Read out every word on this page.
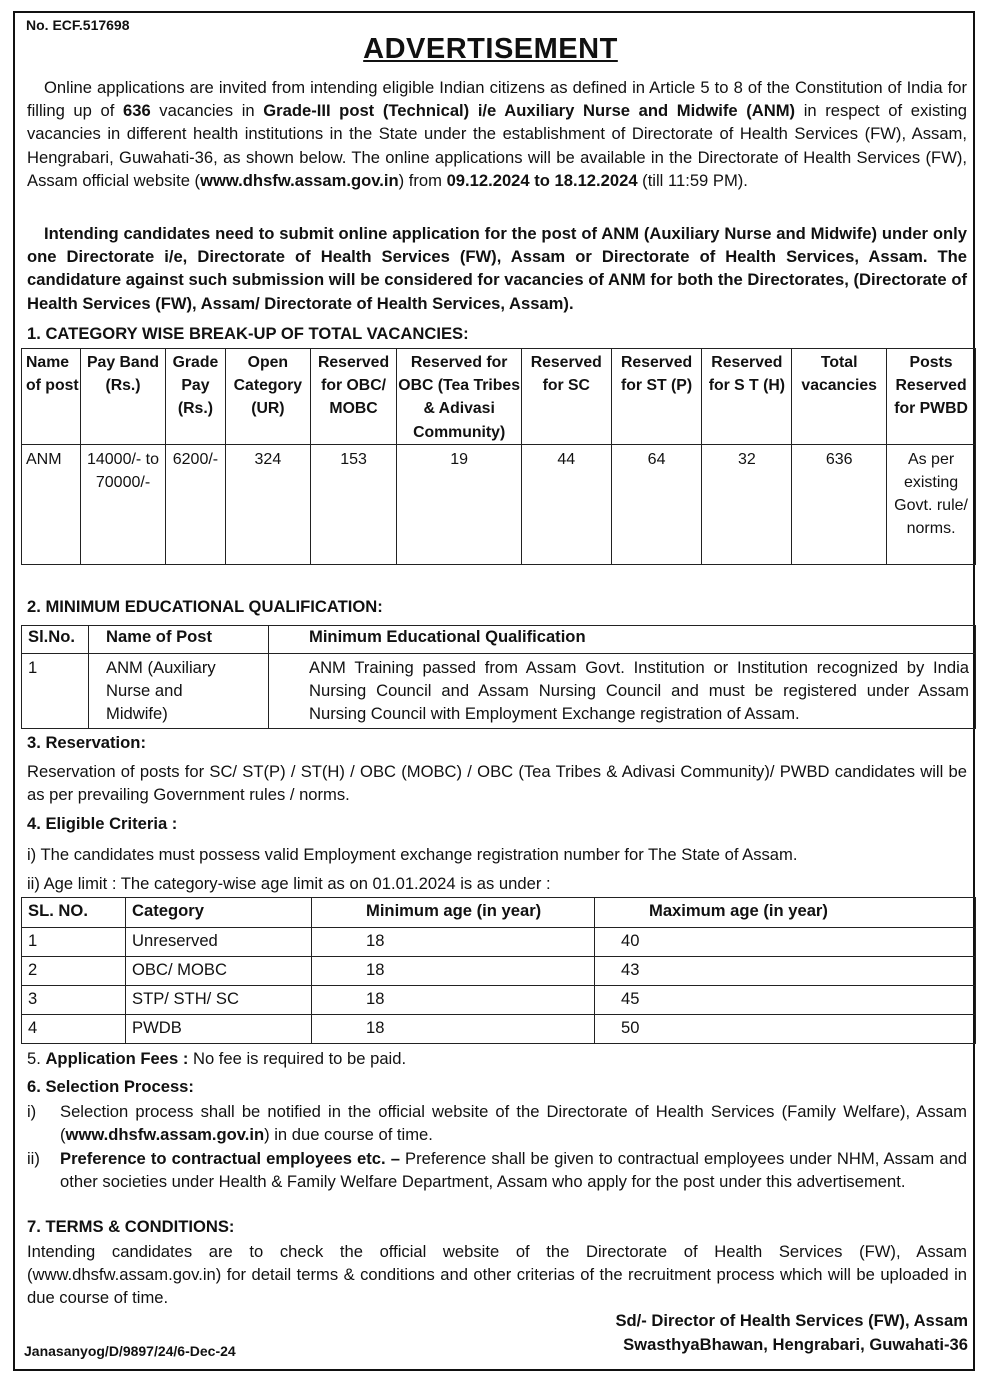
No. ECF.517698
ADVERTISEMENT
Online applications are invited from intending eligible Indian citizens as defined in Article 5 to 8 of the Constitution of India for filling up of 636 vacancies in Grade-III post (Technical) i/e Auxiliary Nurse and Midwife (ANM) in respect of existing vacancies in different health institutions in the State under the establishment of Directorate of Health Services (FW), Assam, Hengrabari, Guwahati-36, as shown below. The online applications will be available in the Directorate of Health Services (FW), Assam official website (www.dhsfw.assam.gov.in) from 09.12.2024 to 18.12.2024 (till 11:59 PM).
Intending candidates need to submit online application for the post of ANM (Auxiliary Nurse and Midwife) under only one Directorate i/e, Directorate of Health Services (FW), Assam or Directorate of Health Services, Assam. The candidature against such submission will be considered for vacancies of ANM for both the Directorates, (Directorate of Health Services (FW), Assam/ Directorate of Health Services, Assam).
1. CATEGORY WISE BREAK-UP OF TOTAL VACANCIES:
Name of post	Pay Band (Rs.)	Grade Pay (Rs.)	Open Category (UR)	Reserved for OBC/ MOBC	Reserved for OBC (Tea Tribes & Adivasi Community)	Reserved for SC	Reserved for ST (P)	Reserved for S T (H)	Total vacancies	Posts Reserved for PWBD
ANM	14000/- to 70000/-	6200/-	324	153	19	44	64	32	636	As per existing Govt. rule/ norms.
2. MINIMUM EDUCATIONAL QUALIFICATION:
Sl.No.	Name of Post	Minimum Educational Qualification
1	ANM (Auxiliary Nurse and Midwife)	ANM Training passed from Assam Govt. Institution or Institution recognized by India Nursing Council and Assam Nursing Council and must be registered under Assam Nursing Council with Employment Exchange registration of Assam.
3. Reservation:
Reservation of posts for SC/ ST(P) / ST(H) / OBC (MOBC) / OBC (Tea Tribes & Adivasi Community)/ PWBD candidates will be as per prevailing Government rules / norms.
4. Eligible Criteria :
i) The candidates must possess valid Employment exchange registration number for The State of Assam.
ii) Age limit : The category-wise age limit as on 01.01.2024 is as under :
SL. NO.	Category	Minimum age (in year)	Maximum age (in year)
1	Unreserved	18	40
2	OBC/ MOBC	18	43
3	STP/ STH/ SC	18	45
4	PWDB	18	50
5. Application Fees : No fee is required to be paid.
6. Selection Process:
i) Selection process shall be notified in the official website of the Directorate of Health Services (Family Welfare), Assam (www.dhsfw.assam.gov.in) in due course of time.
ii) Preference to contractual employees etc. – Preference shall be given to contractual employees under NHM, Assam and other societies under Health & Family Welfare Department, Assam who apply for the post under this advertisement.
7. TERMS & CONDITIONS:
Intending candidates are to check the official website of the Directorate of Health Services (FW), Assam (www.dhsfw.assam.gov.in) for detail terms & conditions and other criterias of the recruitment process which will be uploaded in due course of time.
Sd/- Director of Health Services (FW), Assam
SwasthyaBhawan, Hengrabari, Guwahati-36
Janasanyog/D/9897/24/6-Dec-24
